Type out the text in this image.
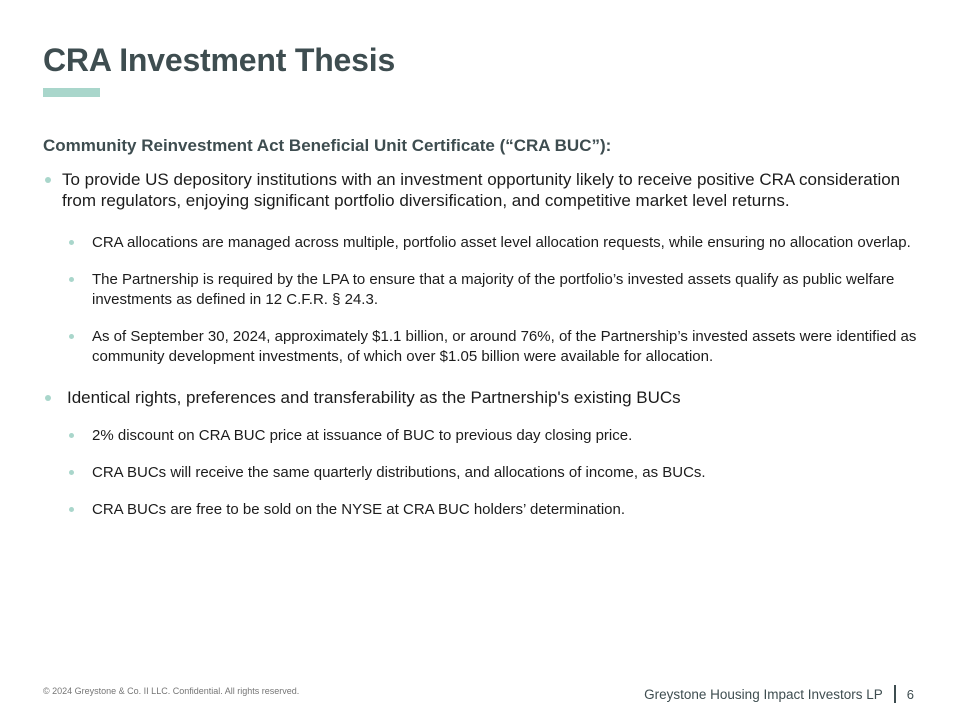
CRA Investment Thesis
Community Reinvestment Act Beneficial Unit Certificate (“CRA BUC”):
To provide US depository institutions with an investment opportunity likely to receive positive CRA consideration from regulators, enjoying significant portfolio diversification, and competitive market level returns.
CRA allocations are managed across multiple, portfolio asset level allocation requests, while ensuring no allocation overlap.
The Partnership is required by the LPA to ensure that a majority of the portfolio’s invested assets qualify as public welfare investments as defined in 12 C.F.R. § 24.3.
As of September 30, 2024, approximately $1.1 billion, or around 76%, of the Partnership’s invested assets were identified as community development investments, of which over $1.05 billion were available for allocation.
Identical rights, preferences and transferability as the Partnership's existing BUCs
2% discount on CRA BUC price at issuance of BUC to previous day closing price.
CRA BUCs will receive the same quarterly distributions, and allocations of income, as BUCs.
CRA BUCs are free to be sold on the NYSE at CRA BUC holders’ determination.
© 2024 Greystone & Co. II LLC. Confidential. All rights reserved.	Greystone Housing Impact Investors LP 6
